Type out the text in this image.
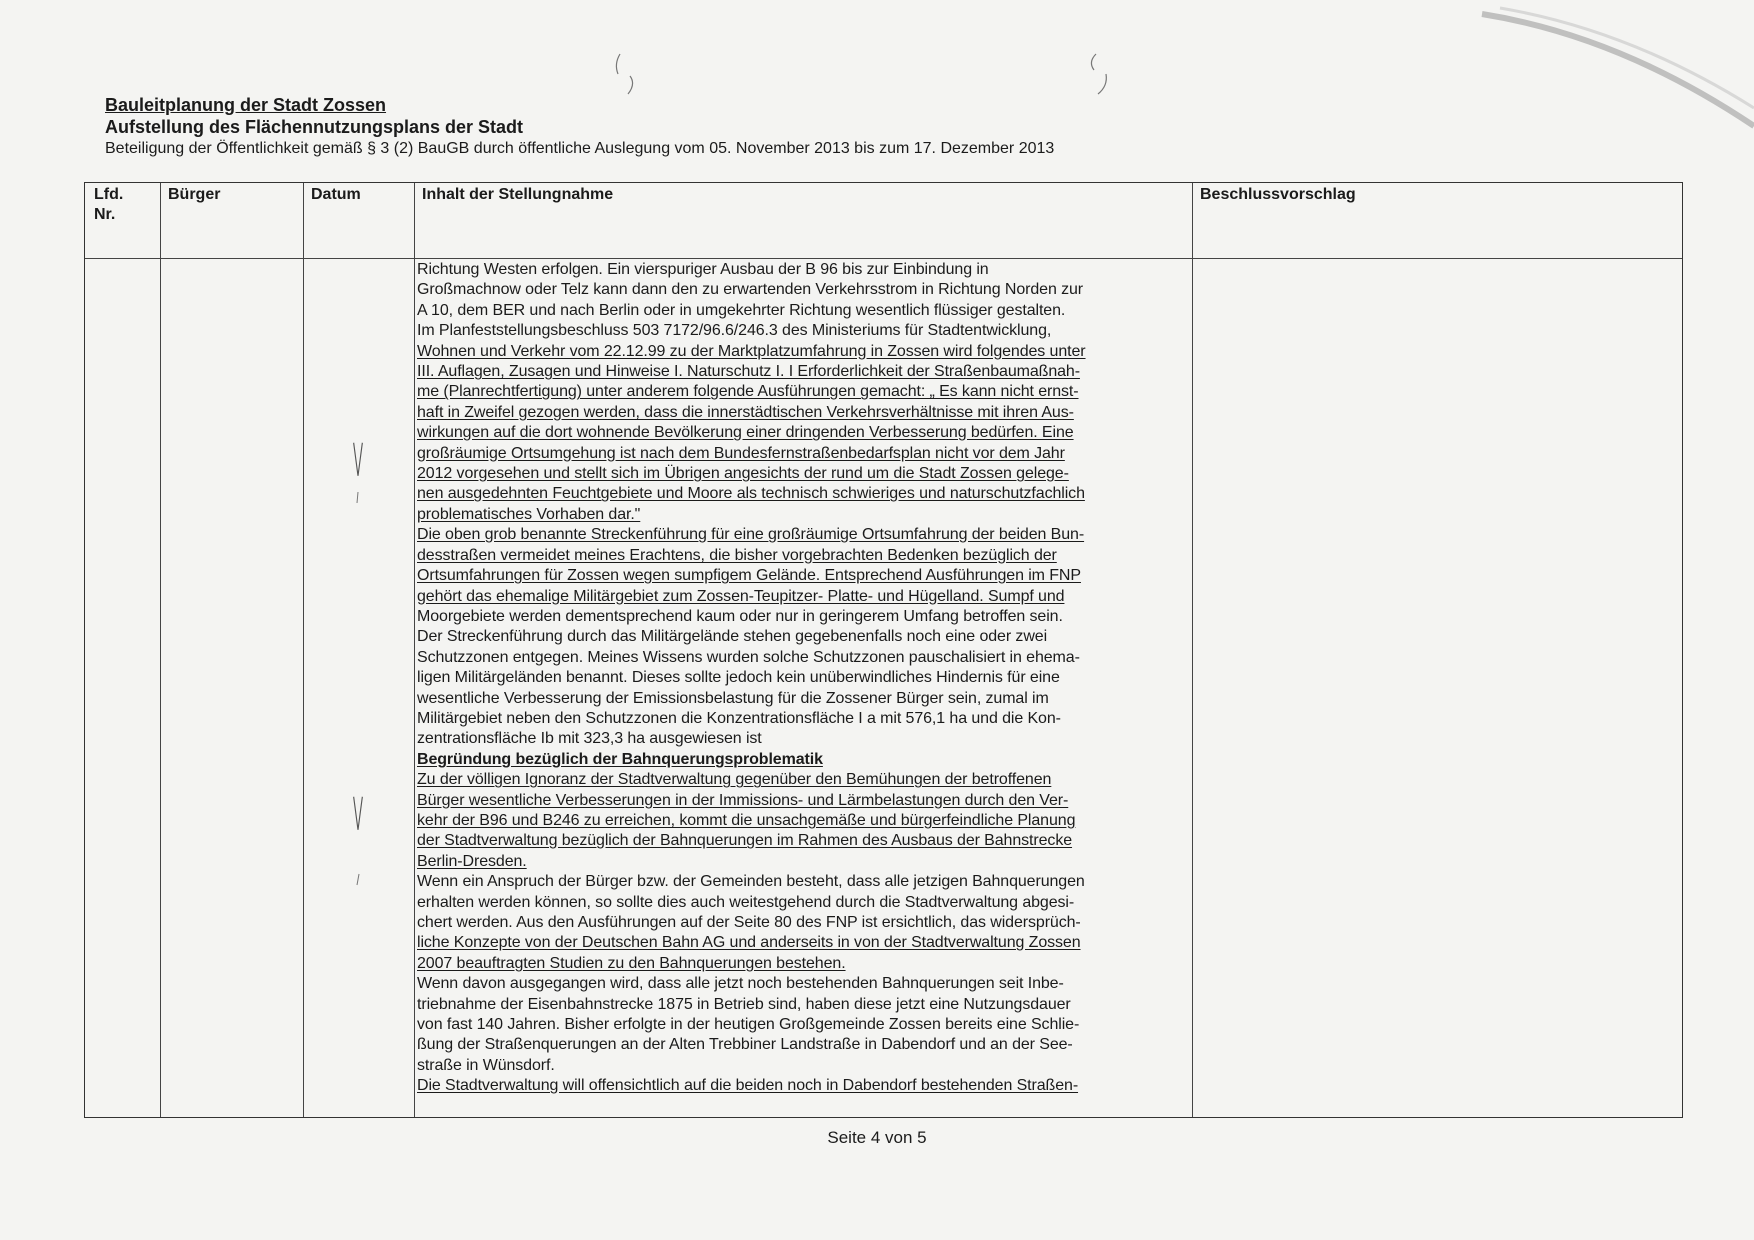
Bauleitplanung der Stadt Zossen

Aufstellung des Flächennutzungsplans der Stadt

Beteiligung der Öffentlichkeit gemäß § 3 (2) BauGB durch öffentliche Auslegung vom 05. November 2013 bis zum 17. Dezember 2013

Lfd.
Nr.
Bürger	Datum	Inhalt der Stellungnahme	Beschlussvorschlag

Richtung Westen erfolgen. Ein vierspuriger Ausbau der B 96 bis zur Einbindung in

Großmachnow oder Telz kann dann den zu erwartenden Verkehrsstrom in Richtung Norden zur

A 10, dem BER und nach Berlin oder in umgekehrter Richtung wesentlich flüssiger gestalten.

Im Planfeststellungsbeschluss 503 7172/96.6/246.3 des Ministeriums für Stadtentwicklung,

Wohnen und Verkehr vom 22.12.99 zu der Marktplatzumfahrung in Zossen wird folgendes unter

III. Auflagen, Zusagen und Hinweise I. Naturschutz I. I Erforderlichkeit der Straßenbaumaßnah-

me (Planrechtfertigung) unter anderem folgende Ausführungen gemacht: „ Es kann nicht ernst-

haft in Zweifel gezogen werden, dass die innerstädtischen Verkehrsverhältnisse mit ihren Aus-

wirkungen auf die dort wohnende Bevölkerung einer dringenden Verbesserung bedürfen. Eine

großräumige Ortsumgehung ist nach dem Bundesfernstraßenbedarfsplan nicht vor dem Jahr

2012 vorgesehen und stellt sich im Übrigen angesichts der rund um die Stadt Zossen gelege-

nen ausgedehnten Feuchtgebiete und Moore als technisch schwieriges und naturschutzfachlich

problematisches Vorhaben dar."

Die oben grob benannte Streckenführung für eine großräumige Ortsumfahrung der beiden Bun-

desstraßen vermeidet meines Erachtens, die bisher vorgebrachten Bedenken bezüglich der

Ortsumfahrungen für Zossen wegen sumpfigem Gelände. Entsprechend Ausführungen im FNP

gehört das ehemalige Militärgebiet zum Zossen-Teupitzer- Platte- und Hügelland. Sumpf und

Moorgebiete werden dementsprechend kaum oder nur in geringerem Umfang betroffen sein.

Der Streckenführung durch das Militärgelände stehen gegebenenfalls noch eine oder zwei

Schutzzonen entgegen. Meines Wissens wurden solche Schutzzonen pauschalisiert in ehema-

ligen Militärgeländen benannt. Dieses sollte jedoch kein unüberwindliches Hindernis für eine

wesentliche Verbesserung der Emissionsbelastung für die Zossener Bürger sein, zumal im

Militärgebiet neben den Schutzzonen die Konzentrationsfläche I a mit 576,1 ha und die Kon-

zentrationsfläche Ib mit 323,3 ha ausgewiesen ist

Begründung bezüglich der Bahnquerungsproblematik

Zu der völligen Ignoranz der Stadtverwaltung gegenüber den Bemühungen der betroffenen

Bürger wesentliche Verbesserungen in der Immissions- und Lärmbelastungen durch den Ver-

kehr der B96 und B246 zu erreichen, kommt die unsachgemäße und bürgerfeindliche Planung

der Stadtverwaltung bezüglich der Bahnquerungen im Rahmen des Ausbaus der Bahnstrecke

Berlin-Dresden.

Wenn ein Anspruch der Bürger bzw. der Gemeinden besteht, dass alle jetzigen Bahnquerungen

erhalten werden können, so sollte dies auch weitestgehend durch die Stadtverwaltung abgesi-

chert werden. Aus den Ausführungen auf der Seite 80 des FNP ist ersichtlich, das widersprüch-

liche Konzepte von der Deutschen Bahn AG und anderseits in von der Stadtverwaltung Zossen

2007 beauftragten Studien zu den Bahnquerungen bestehen.

Wenn davon ausgegangen wird, dass alle jetzt noch bestehenden Bahnquerungen seit Inbe-

triebnahme der Eisenbahnstrecke 1875 in Betrieb sind, haben diese jetzt eine Nutzungsdauer

von fast 140 Jahren. Bisher erfolgte in der heutigen Großgemeinde Zossen bereits eine Schlie-

ßung der Straßenquerungen an der Alten Trebbiner Landstraße in Dabendorf und an der See-

straße in Wünsdorf.

Die Stadtverwaltung will offensichtlich auf die beiden noch in Dabendorf bestehenden Straßen-

Seite 4 von 5
